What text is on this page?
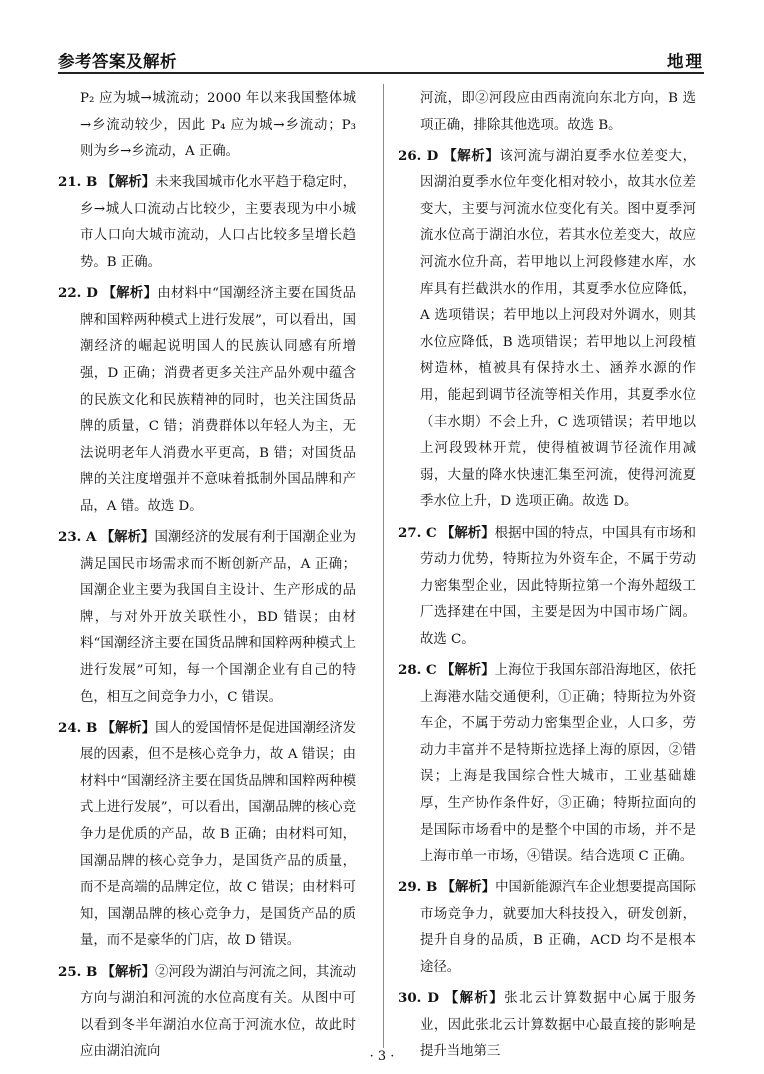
参考答案及解析	地理
P₂ 应为城→城流动；2000 年以来我国整体城→乡流动较少，因此 P₄ 应为城→乡流动；P₃ 则为乡→乡流动，A 正确。
21. B 【解析】未来我国城市化水平趋于稳定时，乡→城人口流动占比较少，主要表现为中小城市人口向大城市流动，人口占比较多呈增长趋势。B 正确。
22. D 【解析】由材料中“国潮经济主要在国货品牌和国粹两种模式上进行发展”，可以看出，国潮经济的崛起说明国人的民族认同感有所增强，D 正确；消费者更多关注产品外观中蕴含的民族文化和民族精神的同时，也关注国货品牌的质量，C 错；消费群体以年轻人为主，无法说明老年人消费水平更高，B 错；对国货品牌的关注度增强并不意味着抵制外国品牌和产品，A 错。故选 D。
23. A 【解析】国潮经济的发展有利于国潮企业为满足国民市场需求而不断创新产品，A 正确；国潮企业主要为我国自主设计、生产形成的品牌，与对外开放关联性小，BD 错误；由材料“国潮经济主要在国货品牌和国粹两种模式上进行发展”可知，每一个国潮企业有自己的特色，相互之间竞争力小，C 错误。
24. B 【解析】国人的爱国情怀是促进国潮经济发展的因素，但不是核心竞争力，故 A 错误；由材料中“国潮经济主要在国货品牌和国粹两种模式上进行发展”，可以看出，国潮品牌的核心竞争力是优质的产品，故 B 正确；由材料可知，国潮品牌的核心竞争力，是国货产品的质量，而不是高端的品牌定位，故 C 错误；由材料可知，国潮品牌的核心竞争力，是国货产品的质量，而不是豪华的门店，故 D 错误。
25. B 【解析】②河段为湖泊与河流之间，其流动方向与湖泊和河流的水位高度有关。从图中可以看到冬半年湖泊水位高于河流水位，故此时应由湖泊流向
河流，即②河段应由西南流向东北方向，B 选项正确，排除其他选项。故选 B。
26. D 【解析】该河流与湖泊夏季水位差变大，因湖泊夏季水位年变化相对较小，故其水位差变大，主要与河流水位变化有关。图中夏季河流水位高于湖泊水位，若其水位差变大，故应河流水位升高，若甲地以上河段修建水库，水库具有拦截洪水的作用，其夏季水位应降低，A 选项错误；若甲地以上河段对外调水，则其水位应降低，B 选项错误；若甲地以上河段植树造林，植被具有保持水土、涵养水源的作用，能起到调节径流等相关作用，其夏季水位（丰水期）不会上升，C 选项错误；若甲地以上河段毁林开荒，使得植被调节径流作用减弱，大量的降水快速汇集至河流，使得河流夏季水位上升，D 选项正确。故选 D。
27. C 【解析】根据中国的特点，中国具有市场和劳动力优势，特斯拉为外资车企，不属于劳动力密集型企业，因此特斯拉第一个海外超级工厂选择建在中国，主要是因为中国市场广阔。故选 C。
28. C 【解析】上海位于我国东部沿海地区，依托上海港水陆交通便利，①正确；特斯拉为外资车企，不属于劳动力密集型企业，人口多，劳动力丰富并不是特斯拉选择上海的原因，②错误；上海是我国综合性大城市，工业基础雄厚，生产协作条件好，③正确；特斯拉面向的是国际市场看中的是整个中国的市场，并不是上海市单一市场，④错误。结合选项 C 正确。
29. B 【解析】中国新能源汽车企业想要提高国际市场竞争力，就要加大科技投入，研发创新，提升自身的品质，B 正确，ACD 均不是根本途径。
30. D 【解析】张北云计算数据中心属于服务业，因此张北云计算数据中心最直接的影响是提升当地第三
· 3 ·
